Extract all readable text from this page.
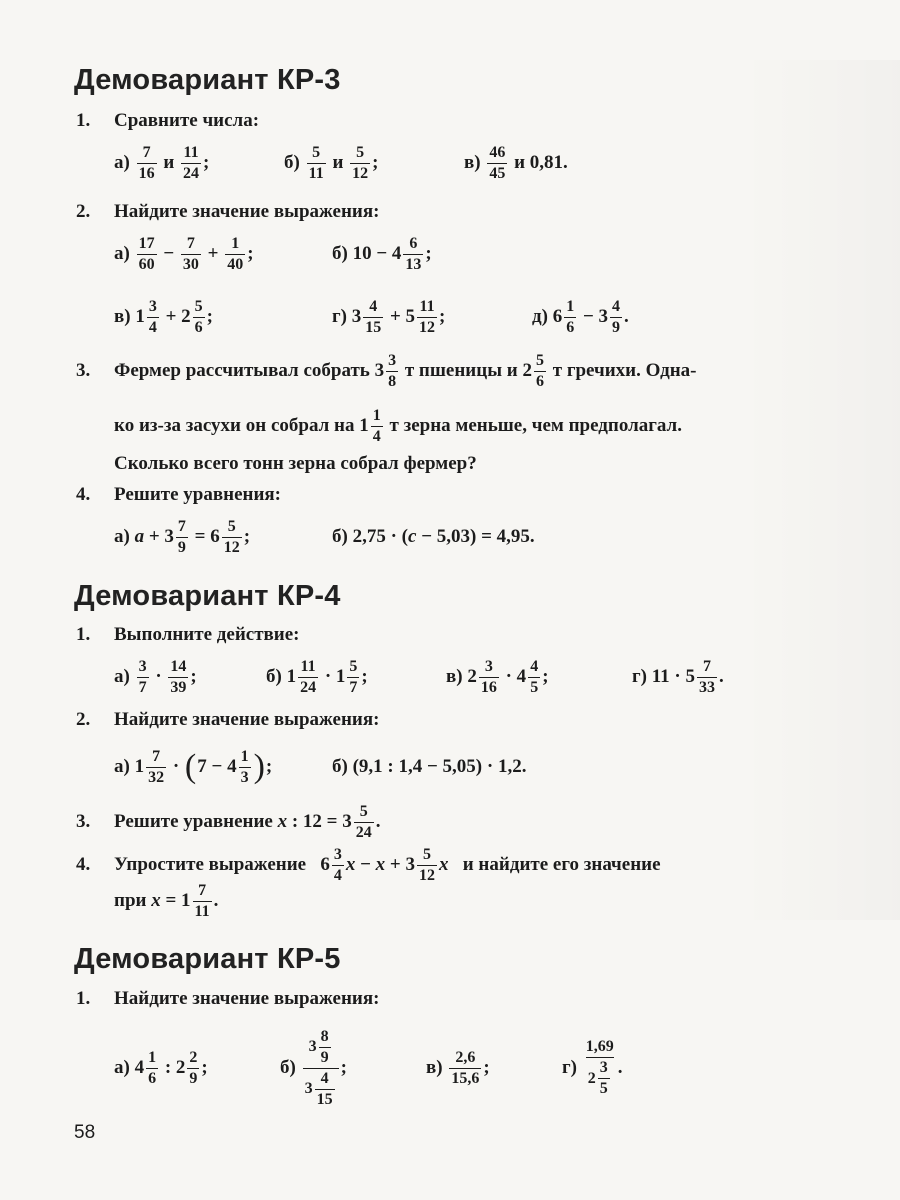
Демовариант КР-3
1. Сравните числа:
а)
7
16
и
11
24 ;	б)
5
11
и
5
12 ;	в)
46
45
и 0,81.
2. Найдите значение выражения:
а)
17
60
−
$\frac{7}{30}$
+
$\frac{1}{40}$ ;	б)
10 − 4 6
13 ;
в)
1 3
4
+
2 5
6 ;	г)
3 4
15
+
5 11
12 ;	д)
6 1
6
−
3 4
9 .
3. Фермер рассчитывал собрать
3 3
8
т пшеницы и
2 5
6
т гречихи. Одна-
ко из-за засухи он собрал на
1 1
4
т зерна меньше, чем предполагал.
Сколько всего тонн зерна собрал фермер?
4. Решите уравнения:
а)
a
+ $3 \frac{7}{9}$
= 6 5
12 ;	б)
2,75 · ( c
− 5,03) = 4,95.
Демовариант КР-4
1. Выполните действие:
а)
3
7
·
14
39 ;	б)
1 11
24
· 1 5
7 ;	в)
2 3
16
· 4 4
5 ;	г)
11 · 5 7
33 .
2. Найдите значение выражения:
а)
1 7
32
·
( 7 − 4 1
3 ) ;	б)
(9,1 : 1,4 − 5,05) · 1,2.
3. Решите уравнение
x
: 12 = 3 5
24 .
4. Упростите выражение
6 3
4 x
−
x
+ 3 5
12 x
и найдите его значение
при
x
= 1 7
11 .
Демовариант КР-5
1. Найдите значение выражения:
а)
4 1
6
: 2 2
9 ;	б)

3
8
9
3
4
15
;	в)
2,6
15,6 ;	г)

1,69
2
3
5
.
58
